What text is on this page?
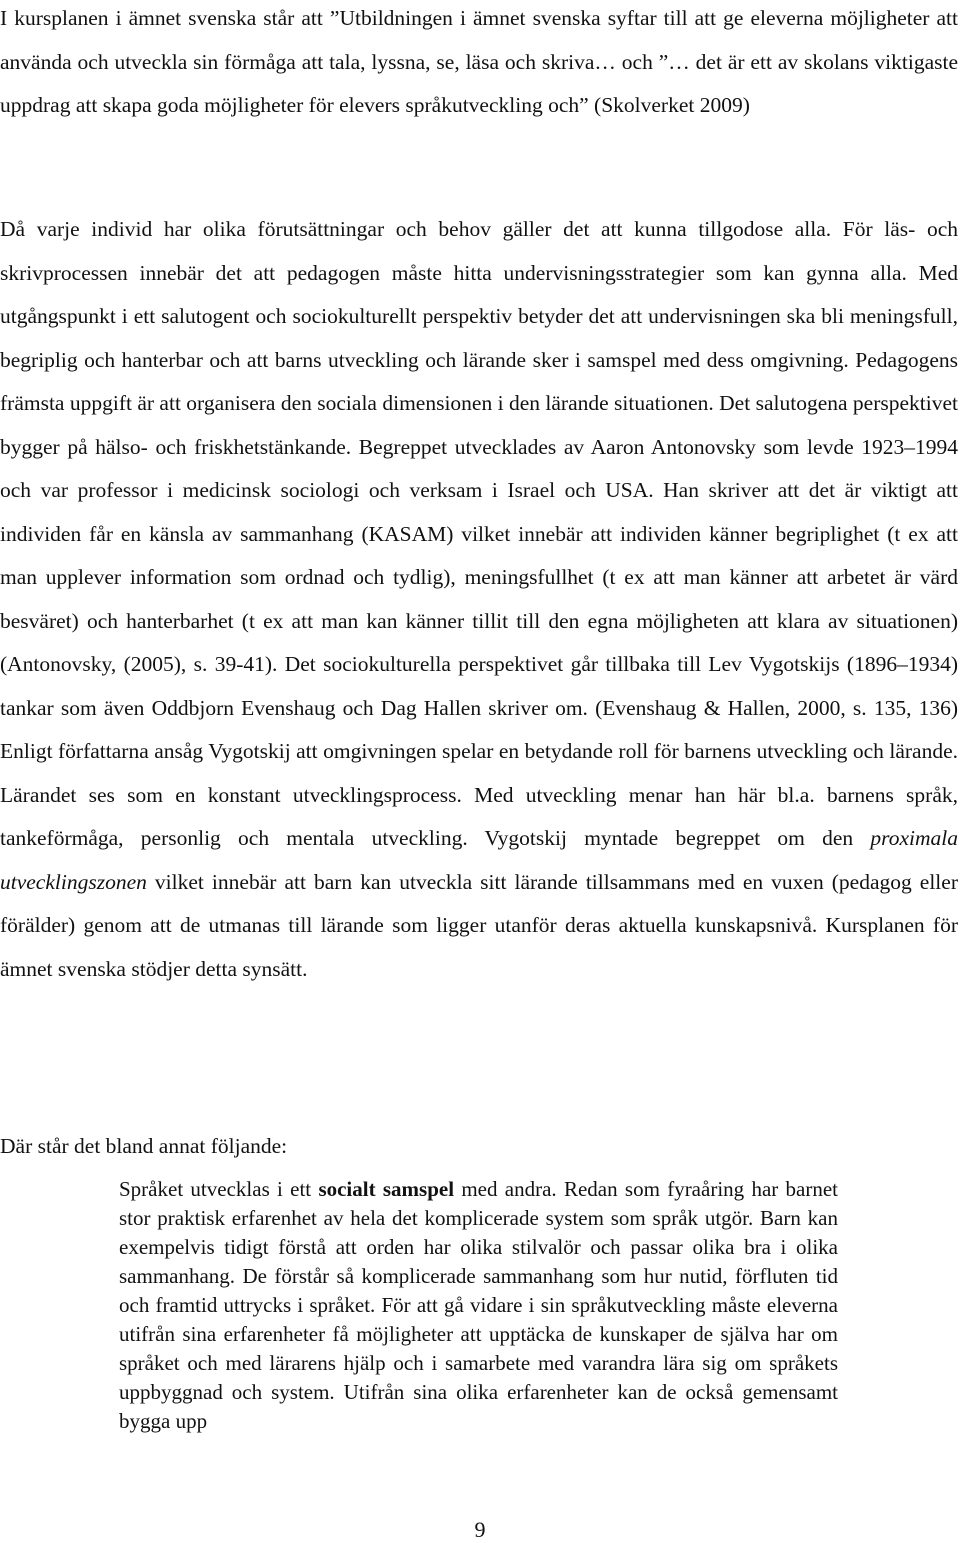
I kursplanen i ämnet svenska står att ”Utbildningen i ämnet svenska syftar till att ge eleverna möjligheter att använda och utveckla sin förmåga att tala, lyssna, se, läsa och skriva… och ”… det är ett av skolans viktigaste uppdrag att skapa goda möjligheter för elevers språkutveckling och” (Skolverket 2009)

Då varje individ har olika förutsättningar och behov gäller det att kunna tillgodose alla. För läs- och skrivprocessen innebär det att pedagogen måste hitta undervisningsstrategier som kan gynna alla. Med utgångspunkt i ett salutogent och sociokulturellt perspektiv betyder det att undervisningen ska bli meningsfull, begriplig och hanterbar och att barns utveckling och lärande sker i samspel med dess omgivning. Pedagogens främsta uppgift är att organisera den sociala dimensionen i den lärande situationen. Det salutogena perspektivet bygger på hälso- och friskhetstänkande. Begreppet utvecklades av Aaron Antonovsky som levde 1923–1994 och var professor i medicinsk sociologi och verksam i Israel och USA. Han skriver att det är viktigt att individen får en känsla av sammanhang (KASAM) vilket innebär att individen känner begriplighet (t ex att man upplever information som ordnad och tydlig), meningsfullhet (t ex att man känner att arbetet är värd besväret) och hanterbarhet (t ex att man kan känner tillit till den egna möjligheten att klara av situationen) (Antonovsky, (2005), s. 39-41). Det sociokulturella perspektivet går tillbaka till Lev Vygotskijs (1896–1934) tankar som även Oddbjorn Evenshaug och Dag Hallen skriver om. (Evenshaug & Hallen, 2000, s. 135, 136) Enligt författarna ansåg Vygotskij att omgivningen spelar en betydande roll för barnens utveckling och lärande. Lärandet ses som en konstant utvecklingsprocess. Med utveckling menar han här bl.a. barnens språk, tankeförmåga, personlig och mentala utveckling. Vygotskij myntade begreppet om den proximala utvecklingszonen vilket innebär att barn kan utveckla sitt lärande tillsammans med en vuxen (pedagog eller förälder) genom att de utmanas till lärande som ligger utanför deras aktuella kunskapsnivå. Kursplanen för ämnet svenska stödjer detta synsätt.

Där står det bland annat följande:

Språket utvecklas i ett socialt samspel med andra. Redan som fyraåring har barnet stor praktisk erfarenhet av hela det komplicerade system som språk utgör. Barn kan exempelvis tidigt förstå att orden har olika stilvalör och passar olika bra i olika sammanhang. De förstår så komplicerade sammanhang som hur nutid, förfluten tid och framtid uttrycks i språket. För att gå vidare i sin språkutveckling måste eleverna utifrån sina erfarenheter få möjligheter att upptäcka de kunskaper de själva har om språket och med lärarens hjälp och i samarbete med varandra lära sig om språkets uppbyggnad och system. Utifrån sina olika erfarenheter kan de också gemensamt bygga upp
9
